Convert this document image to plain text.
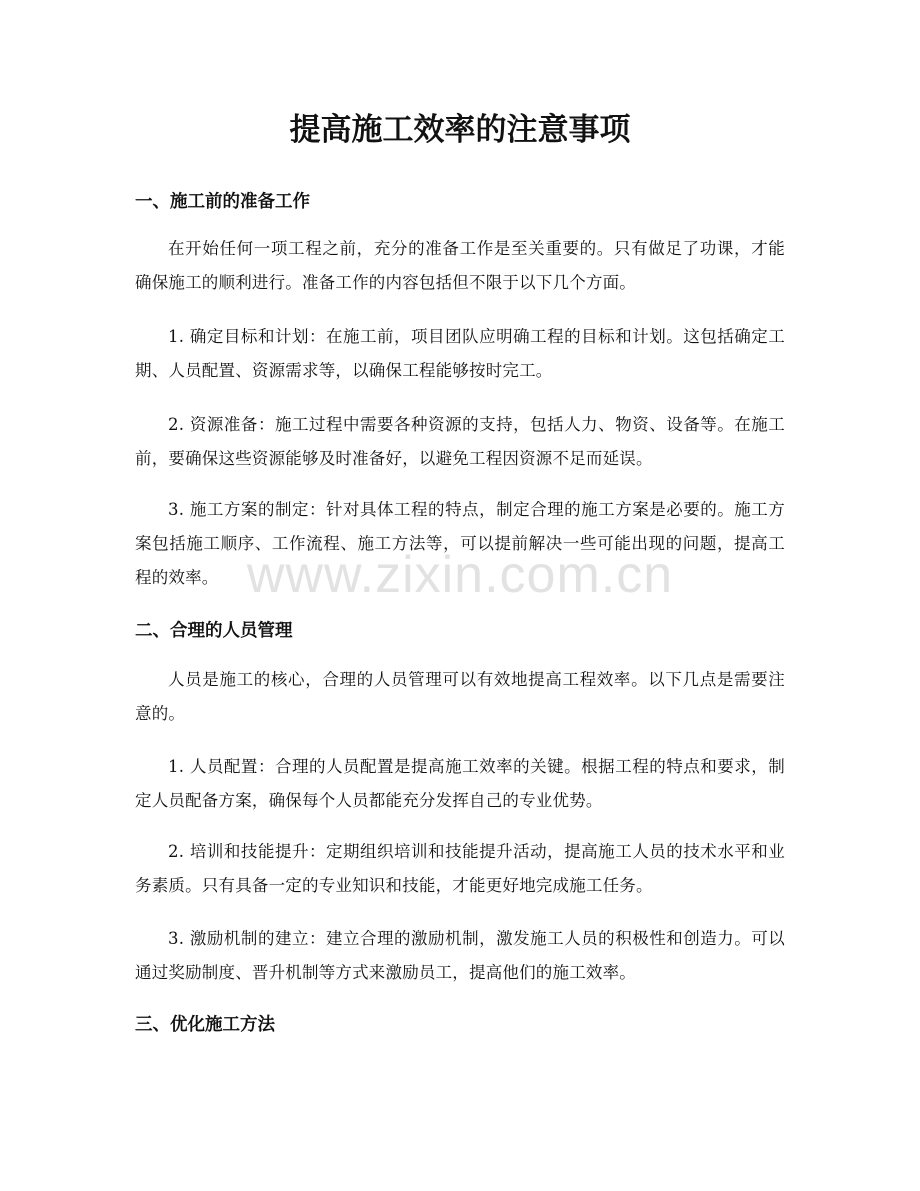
提高施工效率的注意事项
一、施工前的准备工作

在开始任何一项工程之前，充分的准备工作是至关重要的。只有做足了功课，才能确保施工的顺利进行。准备工作的内容包括但不限于以下几个方面。

1. 确定目标和计划：在施工前，项目团队应明确工程的目标和计划。这包括确定工期、人员配置、资源需求等，以确保工程能够按时完工。

2. 资源准备：施工过程中需要各种资源的支持，包括人力、物资、设备等。在施工前，要确保这些资源能够及时准备好，以避免工程因资源不足而延误。

3. 施工方案的制定：针对具体工程的特点，制定合理的施工方案是必要的。施工方案包括施工顺序、工作流程、施工方法等，可以提前解决一些可能出现的问题，提高工程的效率。

二、合理的人员管理

人员是施工的核心，合理的人员管理可以有效地提高工程效率。以下几点是需要注意的。

1. 人员配置：合理的人员配置是提高施工效率的关键。根据工程的特点和要求，制定人员配备方案，确保每个人员都能充分发挥自己的专业优势。

2. 培训和技能提升：定期组织培训和技能提升活动，提高施工人员的技术水平和业务素质。只有具备一定的专业知识和技能，才能更好地完成施工任务。

3. 激励机制的建立：建立合理的激励机制，激发施工人员的积极性和创造力。可以通过奖励制度、晋升机制等方式来激励员工，提高他们的施工效率。

三、优化施工方法
www.zixin.com.cn
